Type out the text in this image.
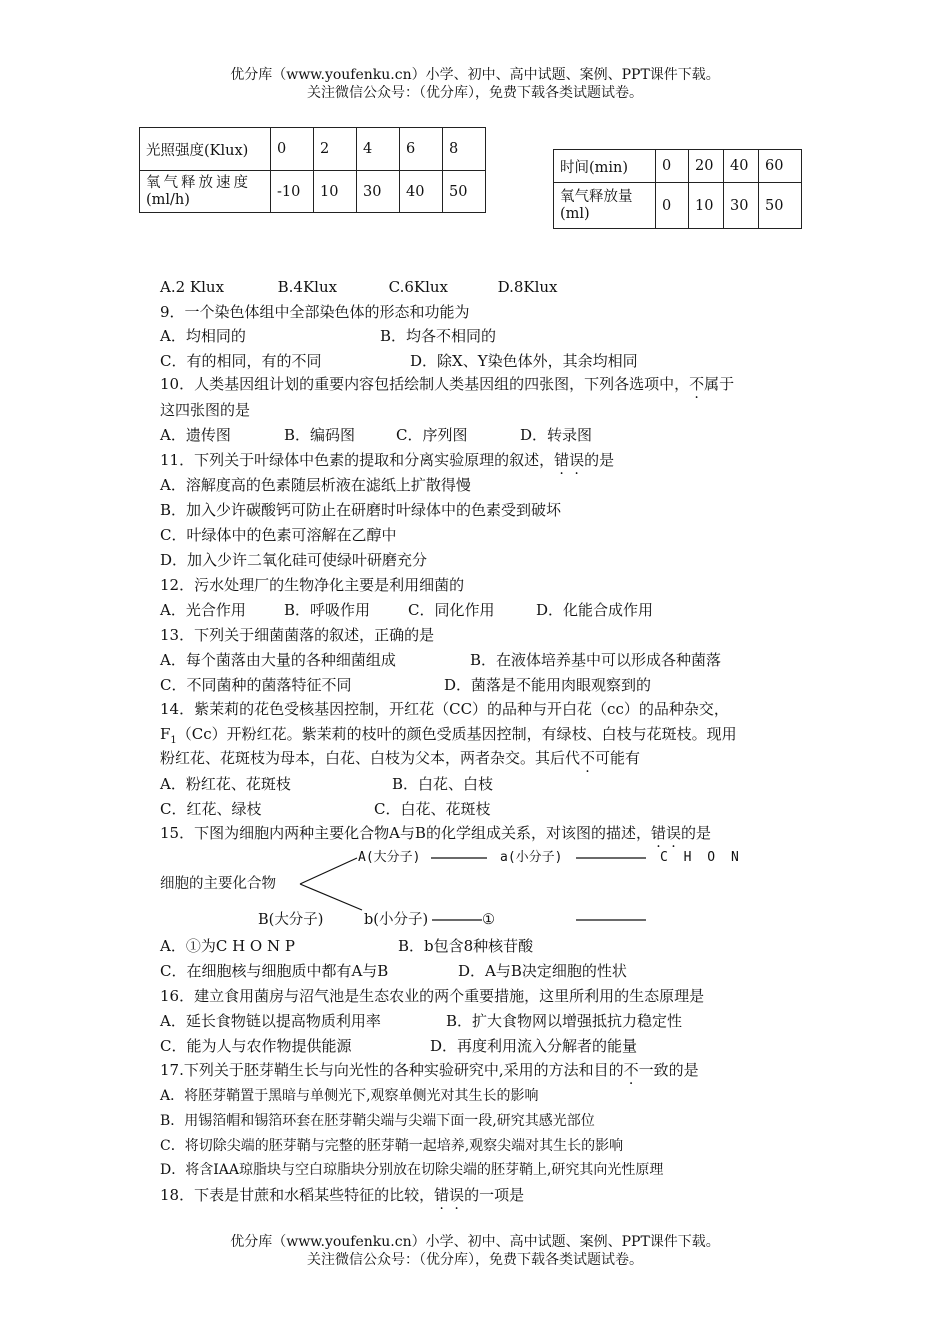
优分库（www.youfenku.cn）小学、初中、高中试题、案例、PPT课件下载。
关注微信公众号：（优分库），免费下载各类试题试卷。
光照强度(Klux)	0	2	4	6	8

氧气释放速度
(ml/h)	-10	10	30	40	50
时间(min)	0	20	40	60

氧气释放量
(ml)	0	10	30	50
A.2 Klux	B.4Klux	C.6Klux	D.8Klux
9．一个染色体组中全部染色体的形态和功能为
A．均相同的	B．均各不相同的
C．有的相同，有的不同	D．除X、Y染色体外，其余均相同
10．人类基因组计划的重要内容包括绘制人类基因组的四张图，下列各选项中，不属于
这四张图的是
A．遗传图	B．编码图	C．序列图	D．转录图
11．下列关于叶绿体中色素的提取和分离实验原理的叙述，错误的是
A．溶解度高的色素随层析液在滤纸上扩散得慢
B．加入少许碳酸钙可防止在研磨时叶绿体中的色素受到破坏
C．叶绿体中的色素可溶解在乙醇中
D．加入少许二氧化硅可使绿叶研磨充分
12．污水处理厂的生物净化主要是利用细菌的
A．光合作用	B．呼吸作用	C．同化作用	D．化能合成作用
13．下列关于细菌菌落的叙述，正确的是
A．每个菌落由大量的各种细菌组成	B．在液体培养基中可以形成各种菌落
C．不同菌种的菌落特征不同	D．菌落是不能用肉眼观察到的
14．紫茉莉的花色受核基因控制，开红花（CC）的品种与开白花（cc）的品种杂交，
$F_1(Cc)$开粉红花。紫茉莉的枝叶的颜色受质基因控制，有绿枝、白枝与花斑枝。现用
粉红花、花斑枝为母本，白花、白枝为父本，两者杂交。其后代不可能有
A．粉红花、花斑枝	B．白花、白枝
C．红花、绿枝	C．白花、花斑枝
15．下图为细胞内两种主要化合物A与B的化学组成关系，对该图的描述，错误的是
A(大分子)	a(小分子)	C H O N
细胞的主要化合物
B(大分子)	b(小分子)	①
A．①为C H O N P	B．b包含8种核苷酸
C．在细胞核与细胞质中都有A与B	D．A与B决定细胞的性状
16．建立食用菌房与沼气池是生态农业的两个重要措施，这里所利用的生态原理是
A．延长食物链以提高物质利用率	B．扩大食物网以增强抵抗力稳定性
C．能为人与农作物提供能源	D．再度利用流入分解者的能量
17.下列关于胚芽鞘生长与向光性的各种实验研究中,采用的方法和目的不一致的是
A．将胚芽鞘置于黑暗与单侧光下,观察单侧光对其生长的影响
B．用锡箔帽和锡箔环套在胚芽鞘尖端与尖端下面一段,研究其感光部位
C．将切除尖端的胚芽鞘与完整的胚芽鞘一起培养,观察尖端对其生长的影响
D．将含IAA琼脂块与空白琼脂块分别放在切除尖端的胚芽鞘上,研究其向光性原理
18．下表是甘蔗和水稻某些特征的比较，错误的一项是
优分库（www.youfenku.cn）小学、初中、高中试题、案例、PPT课件下载。
关注微信公众号：（优分库），免费下载各类试题试卷。
